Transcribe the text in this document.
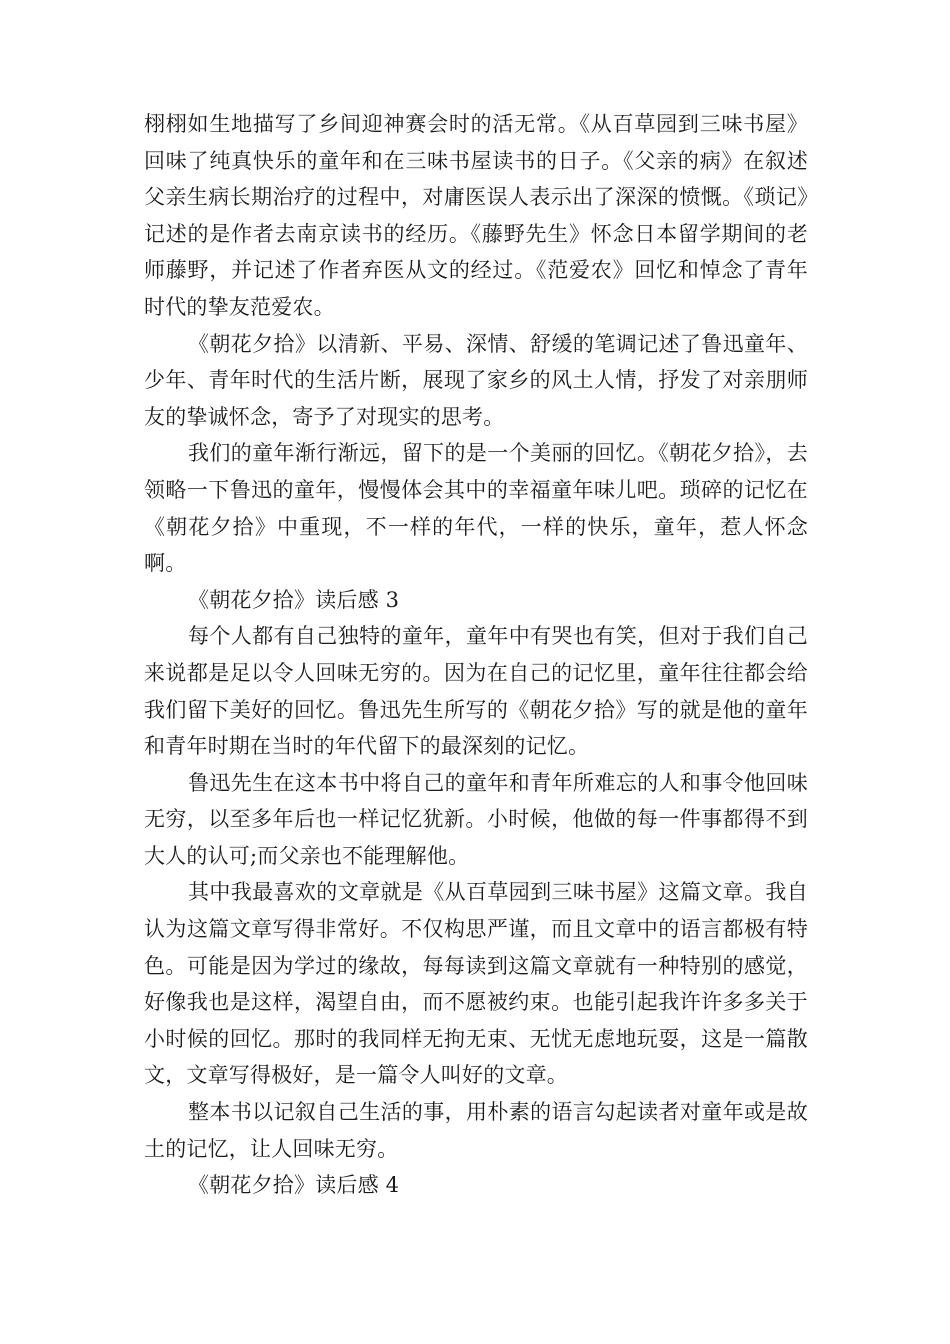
栩栩如生地描写了乡间迎神赛会时的活无常。《从百草园到三味书屋》回味了纯真快乐的童年和在三味书屋读书的日子。《父亲的病》在叙述父亲生病长期治疗的过程中，对庸医误人表示出了深深的愤慨。《琐记》记述的是作者去南京读书的经历。《藤野先生》怀念日本留学期间的老师藤野，并记述了作者弃医从文的经过。《范爱农》回忆和悼念了青年时代的挚友范爱农。

《朝花夕拾》以清新、平易、深情、舒缓的笔调记述了鲁迅童年、少年、青年时代的生活片断，展现了家乡的风土人情，抒发了对亲朋师友的挚诚怀念，寄予了对现实的思考。

我们的童年渐行渐远，留下的是一个美丽的回忆。《朝花夕拾》，去领略一下鲁迅的童年，慢慢体会其中的幸福童年味儿吧。琐碎的记忆在《朝花夕拾》中重现，不一样的年代，一样的快乐，童年，惹人怀念啊。

《朝花夕拾》读后感 3

每个人都有自己独特的童年，童年中有哭也有笑，但对于我们自己来说都是足以令人回味无穷的。因为在自己的记忆里，童年往往都会给我们留下美好的回忆。鲁迅先生所写的《朝花夕拾》写的就是他的童年和青年时期在当时的年代留下的最深刻的记忆。

鲁迅先生在这本书中将自己的童年和青年所难忘的人和事令他回味无穷，以至多年后也一样记忆犹新。小时候，他做的每一件事都得不到大人的认可;而父亲也不能理解他。

其中我最喜欢的文章就是《从百草园到三味书屋》这篇文章。我自认为这篇文章写得非常好。不仅构思严谨，而且文章中的语言都极有特色。可能是因为学过的缘故，每每读到这篇文章就有一种特别的感觉，好像我也是这样，渴望自由，而不愿被约束。也能引起我许许多多关于小时候的回忆。那时的我同样无拘无束、无忧无虑地玩耍，这是一篇散文，文章写得极好，是一篇令人叫好的文章。

整本书以记叙自己生活的事，用朴素的语言勾起读者对童年或是故土的记忆，让人回味无穷。

《朝花夕拾》读后感 4
